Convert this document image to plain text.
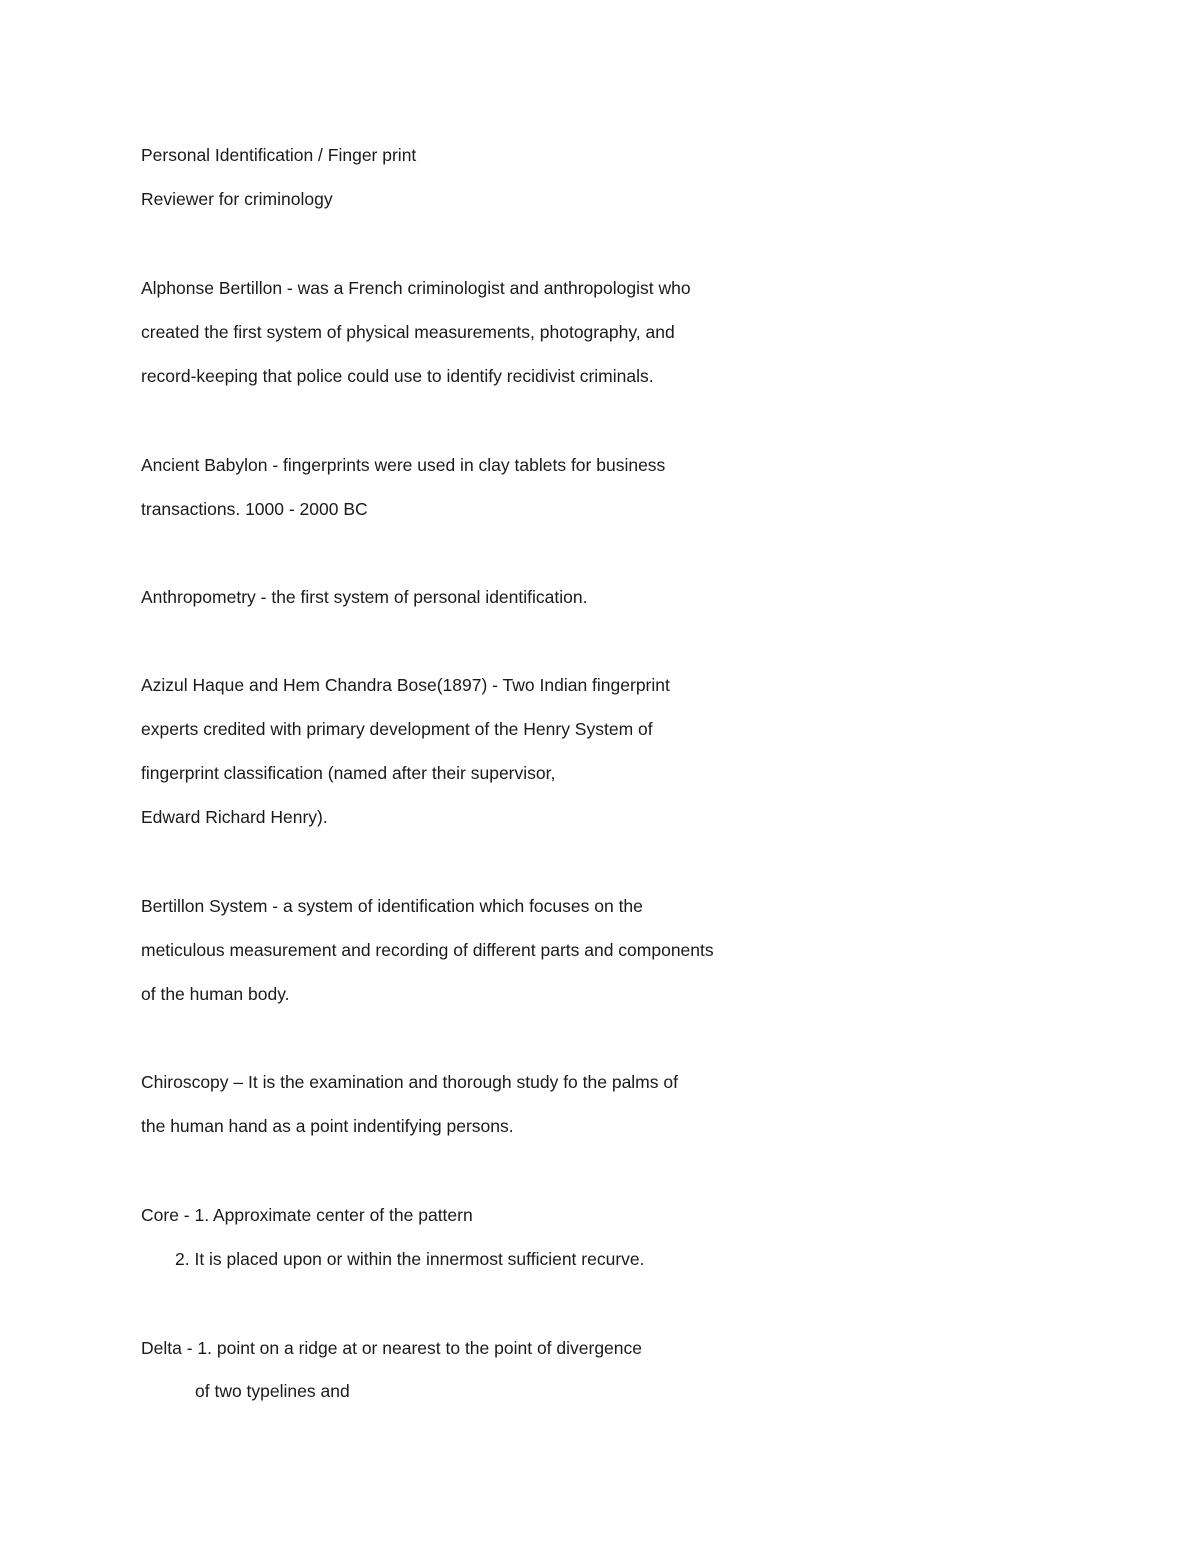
Personal Identification / Finger print
Reviewer for criminology
Alphonse Bertillon - was a French criminologist and anthropologist who
created the first system of physical measurements, photography, and
record-keeping that police could use to identify recidivist criminals.
Ancient Babylon - fingerprints were used in clay tablets for business
transactions. 1000 - 2000 BC
Anthropometry - the first system of personal identification.
Azizul Haque and Hem Chandra Bose(1897) - Two Indian fingerprint
experts credited with primary development of the Henry System of
fingerprint classification (named after their supervisor,
Edward Richard Henry).
Bertillon System - a system of identification which focuses on the
meticulous measurement and recording of different parts and components
of the human body.
Chiroscopy – It is the examination and thorough study fo the palms of
the human hand as a point indentifying persons.
Core - 1. Approximate center of the pattern
2. It is placed upon or within the innermost sufficient recurve.
Delta - 1. point on a ridge at or nearest to the point of divergence
of two typelines and
